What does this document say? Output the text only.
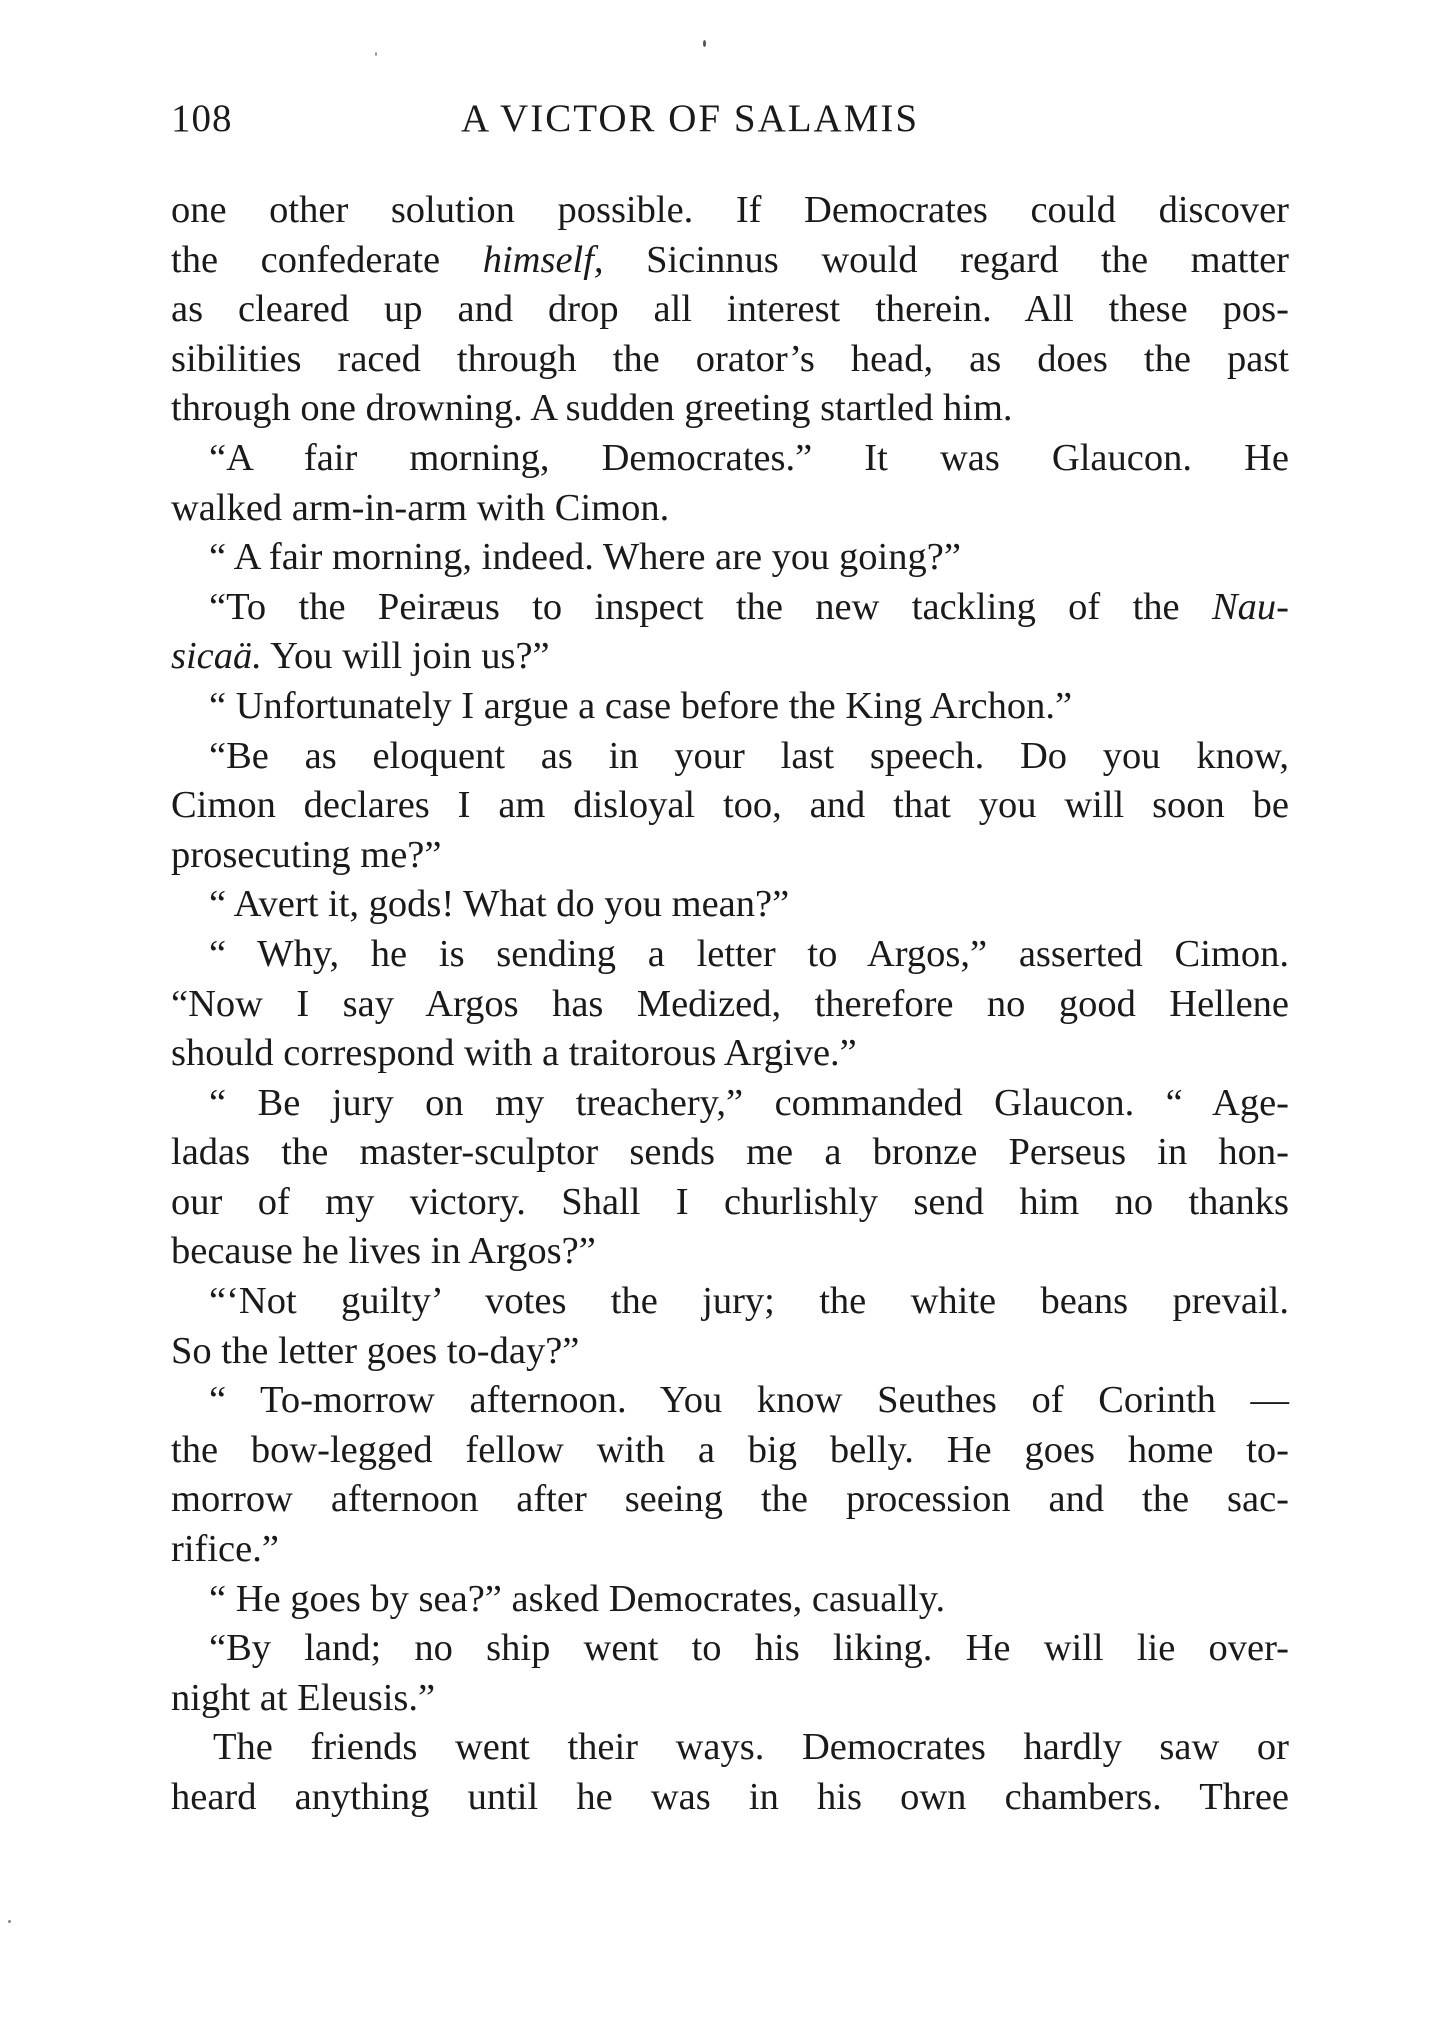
108	A VICTOR OF SALAMIS
one other solution possible. If Democrates could discover
the confederate himself, Sicinnus would regard the matter
as cleared up and drop all interest therein. All these pos-
sibilities raced through the orator’s head, as does the past
through one drowning. A sudden greeting startled him.
“A fair morning, Democrates.” It was Glaucon. He
walked arm-in-arm with Cimon.
“ A fair morning, indeed. Where are you going?”
“To the Peiræus to inspect the new tackling of the Nau-
sicaä. You will join us?”
“ Unfortunately I argue a case before the King Archon.”
“Be as eloquent as in your last speech. Do you know,
Cimon declares I am disloyal too, and that you will soon be
prosecuting me?”
“ Avert it, gods! What do you mean?”
“ Why, he is sending a letter to Argos,” asserted Cimon.
“Now I say Argos has Medized, therefore no good Hellene
should correspond with a traitorous Argive.”
“ Be jury on my treachery,” commanded Glaucon. “ Age-
ladas the master-sculptor sends me a bronze Perseus in hon-
our of my victory. Shall I churlishly send him no thanks
because he lives in Argos?”
“‘Not guilty’ votes the jury; the white beans prevail.
So the letter goes to-day?”
“ To-morrow afternoon. You know Seuthes of Corinth —
the bow-legged fellow with a big belly. He goes home to-
morrow afternoon after seeing the procession and the sac-
rifice.”
“ He goes by sea?” asked Democrates, casually.
“By land; no ship went to his liking. He will lie over-
night at Eleusis.”
The friends went their ways. Democrates hardly saw or
heard anything until he was in his own chambers. Three
